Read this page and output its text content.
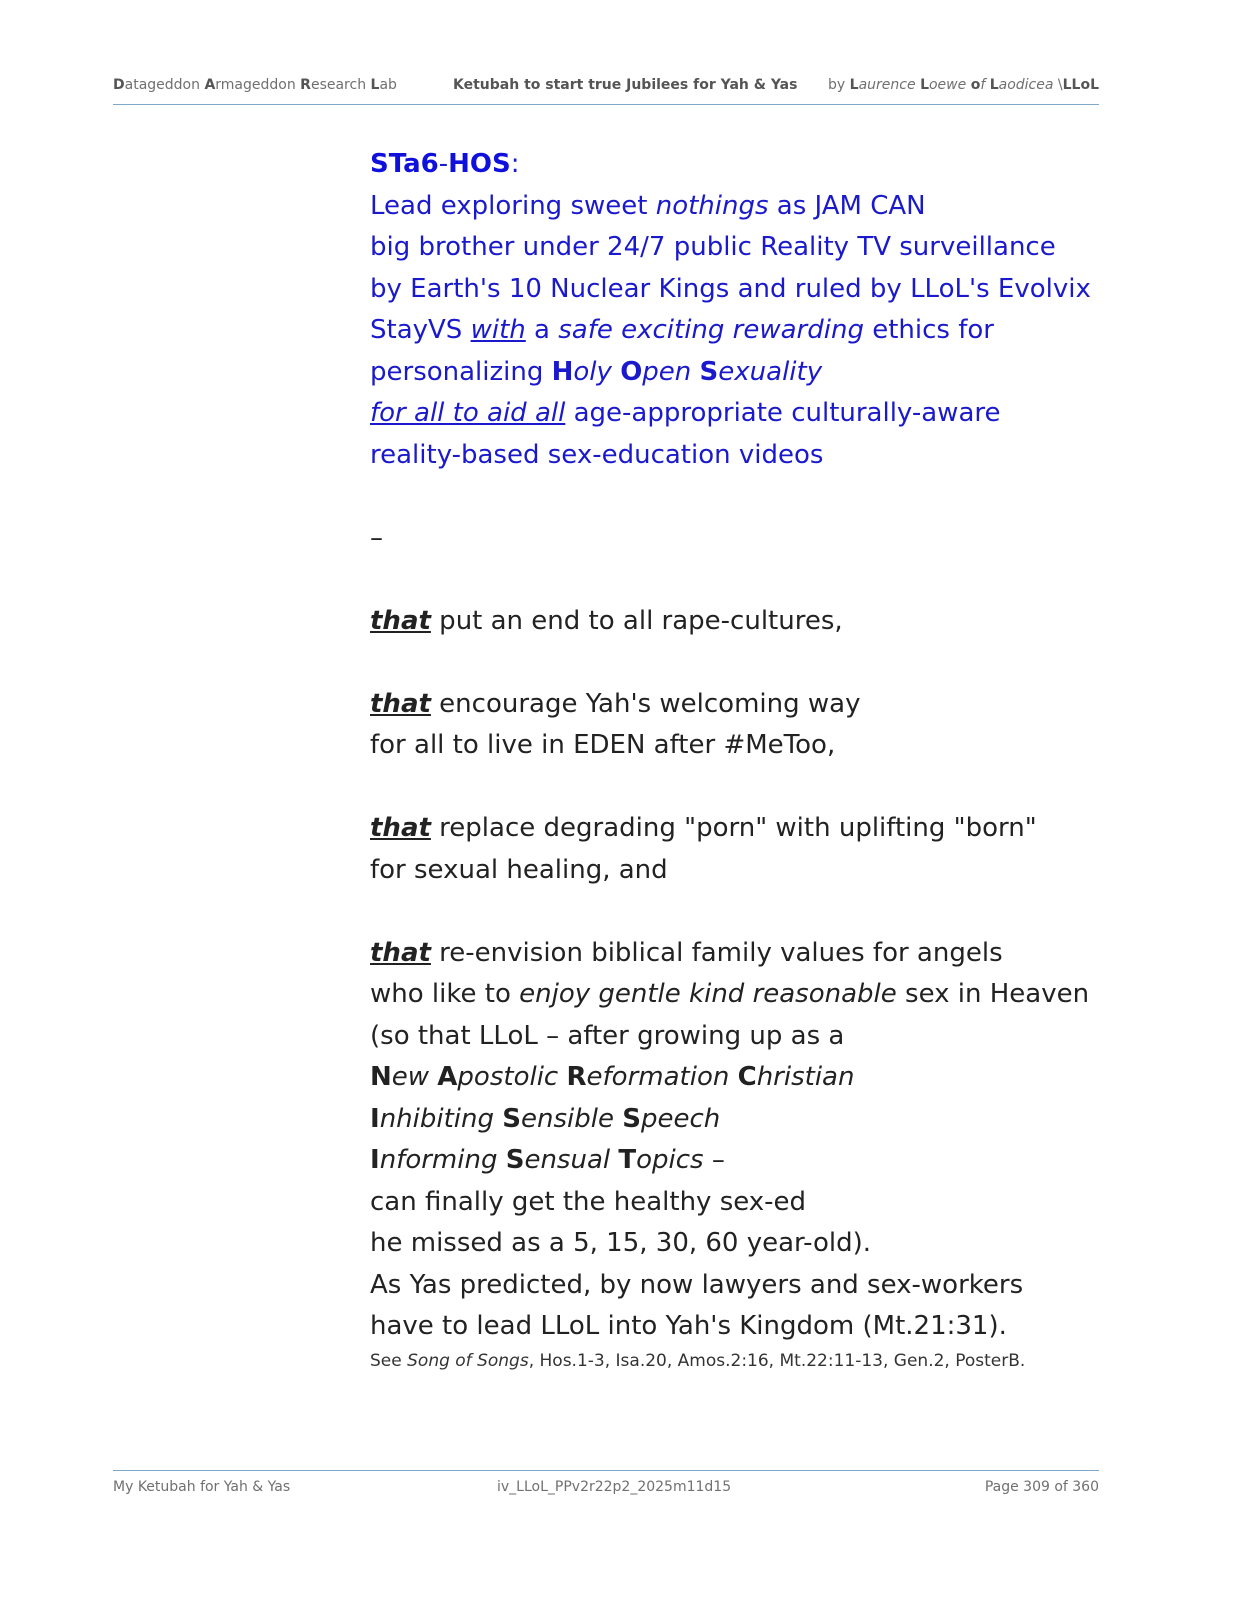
Datageddon Armageddon Research Lab	Ketubah to start true Jubilees for Yah & Yas by Laurence Loewe of Laodicea \LLoL
STa6-HOS:
Lead exploring sweet nothings as JAM CAN
big brother under 24/7 public Reality TV surveillance
by Earth's 10 Nuclear Kings and ruled by LLoL's Evolvix
StayVS with a safe exciting rewarding ethics for
personalizing Holy Open Sexuality
for all to aid all age-appropriate culturally-aware
reality-based sex-education videos
–
that put an end to all rape-cultures,
that encourage Yah's welcoming way
for all to live in EDEN after #MeToo,
that replace degrading "porn" with uplifting "born"
for sexual healing, and
that re-envision biblical family values for angels
who like to enjoy gentle kind reasonable sex in Heaven
(so that LLoL – after growing up as a
New Apostolic Reformation Christian
Inhibiting Sensible Speech
Informing Sensual Topics –
can finally get the healthy sex-ed
he missed as a 5, 15, 30, 60 year-old).
As Yas predicted, by now lawyers and sex-workers
have to lead LLoL into Yah's Kingdom (Mt.21:31).
See Song of Songs, Hos.1-3, Isa.20, Amos.2:16, Mt.22:11-13, Gen.2, PosterB.
My Ketubah for Yah & Yas	iv_LLoL_PPv2r22p2_2025m11d15	Page 309 of 360
